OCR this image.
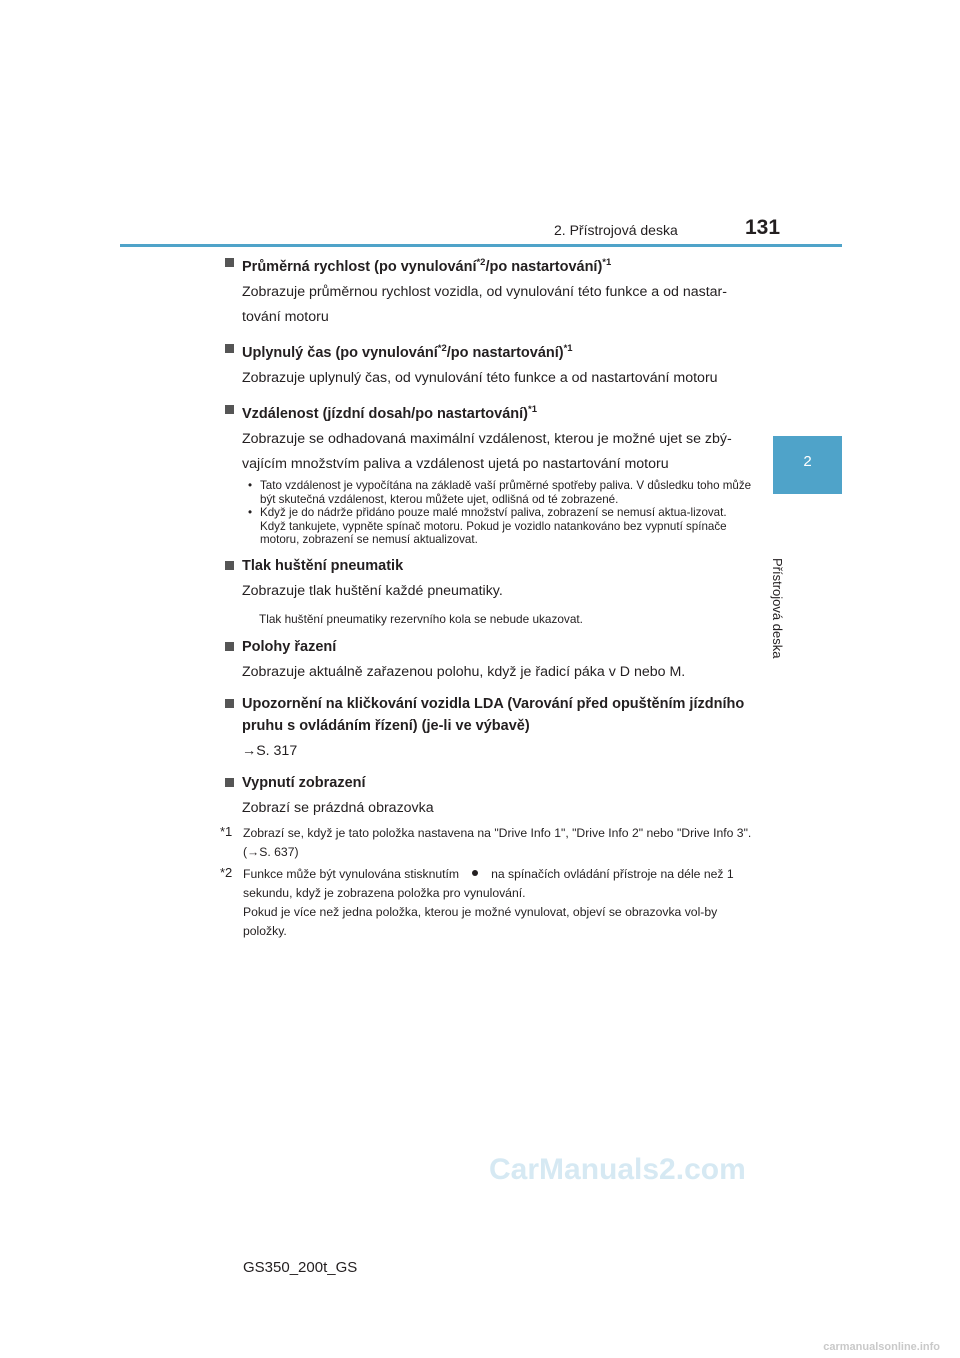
2. Přístrojová deska	131
2
Přístrojová deska
Průměrná rychlost (po vynulování$^{*2}$/po nastartování)$^{*1}$
Zobrazuje průměrnou rychlost vozidla, od vynulování této funkce a od nastar-tování motoru
Uplynulý čas (po vynulování$^{*2}$/po nastartování)$^{*1}$
Zobrazuje uplynulý čas, od vynulování této funkce a od nastartování motoru
Vzdálenost (jízdní dosah/po nastartování)$^{*1}$
Zobrazuje se odhadovaná maximální vzdálenost, kterou je možné ujet se zbý-vajícím množstvím paliva a vzdálenost ujetá po nastartování motoru
• Tato vzdálenost je vypočítána na základě vaší průměrné spotřeby paliva. V důsledku toho může být skutečná vzdálenost, kterou můžete ujet, odlišná od té zobrazené.
• Když je do nádrže přidáno pouze malé množství paliva, zobrazení se nemusí aktua-lizovat.
Když tankujete, vypněte spínač motoru. Pokud je vozidlo natankováno bez vypnutí spínače motoru, zobrazení se nemusí aktualizovat.
Tlak huštění pneumatik
Zobrazuje tlak huštění každé pneumatiky.
Tlak huštění pneumatiky rezervního kola se nebude ukazovat.
Polohy řazení
Zobrazuje aktuálně zařazenou polohu, když je řadicí páka v D nebo M.
Upozornění na kličkování vozidla LDA (Varování před opuštěním jízdního pruhu s ovládáním řízení) (je-li ve výbavě)
→S. 317
Vypnutí zobrazení
Zobrazí se prázdná obrazovka
*1 Zobrazí se, když je tato položka nastavena na "Drive Info 1", "Drive Info 2" nebo "Drive Info 3". (→S. 637)
*2 Funkce může být vynulována stisknutím	na spínačích ovládání přístroje na déle než 1 sekundu, když je zobrazena položka pro vynulování.
Pokud je více než jedna položka, kterou je možné vynulovat, objeví se obrazovka vol-by položky.
GS350_200t_GS
CarManuals2.com
carmanualsonline.info
